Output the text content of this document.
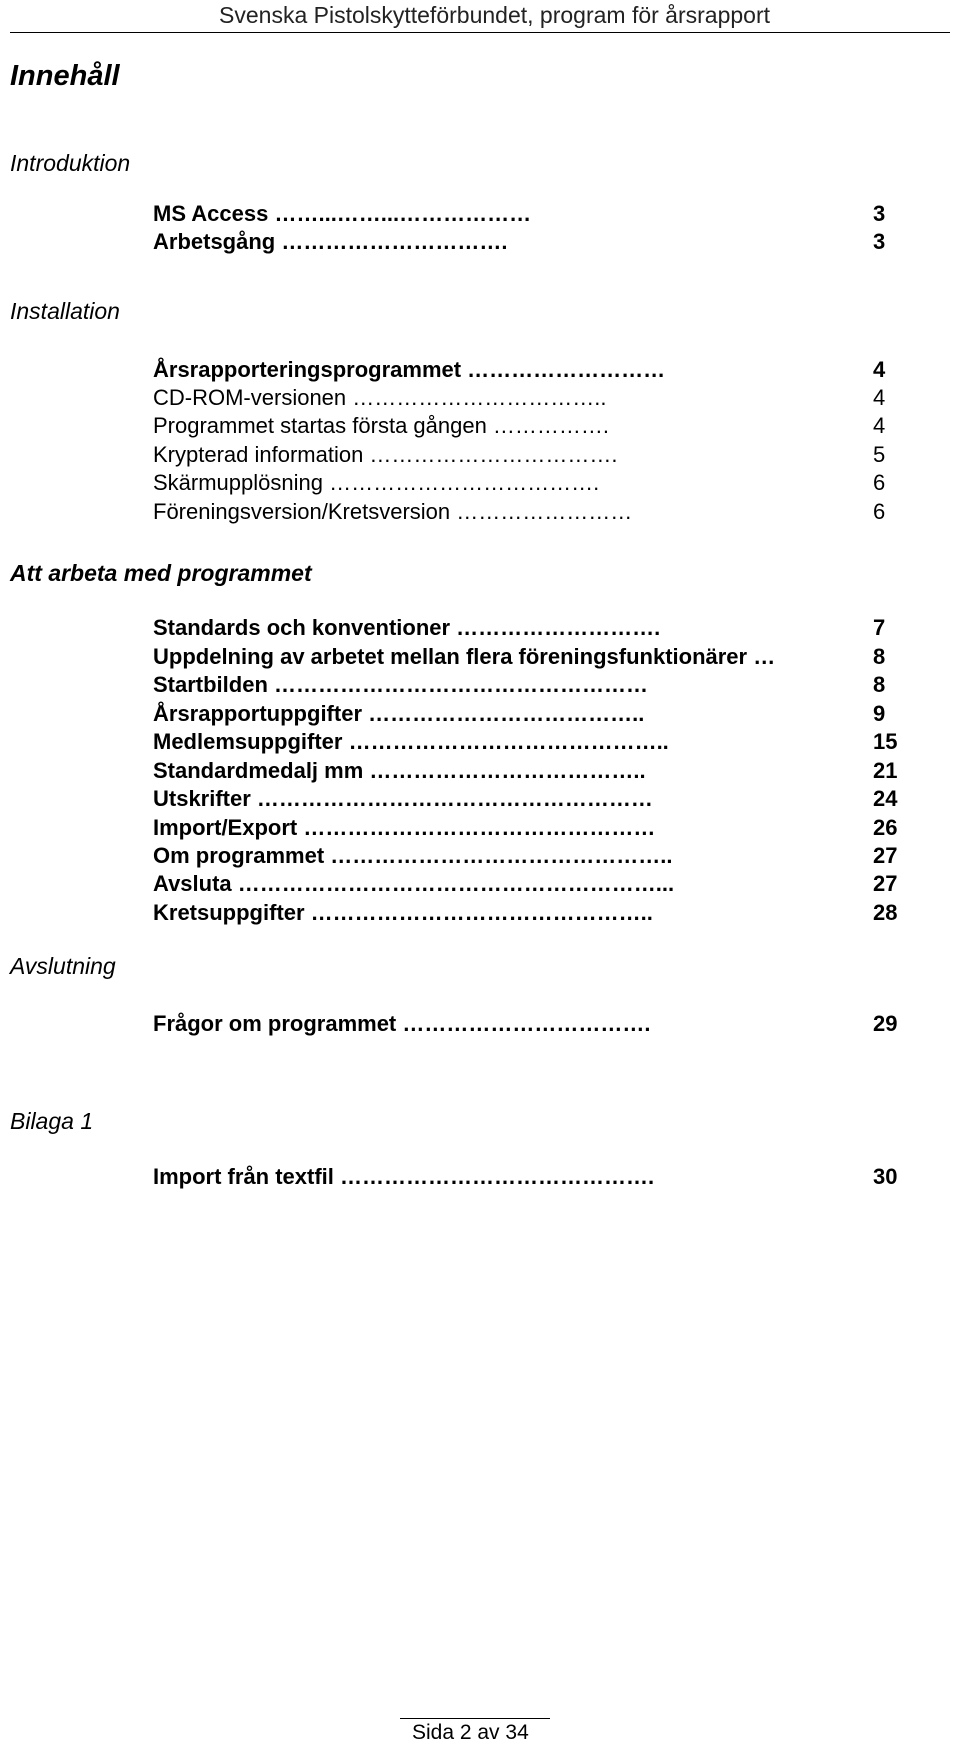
Svenska Pistolskytteförbundet, program för årsrapport
Innehåll
Introduktion
MS Access ……...……...………………	3
Arbetsgång ………………………….	3
Installation
Årsrapporteringsprogrammet ………………………	4
CD-ROM-versionen ……………………………..	4
Programmet startas första gången …………….	4
Krypterad information …………………………….	5
Skärmupplösning ……………………………….	6
Föreningsversion/Kretsversion ……………………	6
Att arbeta med programmet
Standards och konventioner ……………………….	7
Uppdelning av arbetet mellan flera föreningsfunktionärer …	8
Startbilden ……………………………………………	8
Årsrapportuppgifter ………………………………..	9
Medlemsuppgifter ……………………………………..	15
Standardmedalj mm ………………………………..	21
Utskrifter ………………………………………………	24
Import/Export …………………………………………	26
Om programmet ………………………………………..	27
Avsluta …………………………………………………...	27
Kretsuppgifter ………………………………………..	28
Avslutning
Frågor om programmet …………………………….	29
Bilaga 1
Import från textfil …………………………………….	30
Sida 2 av 34
